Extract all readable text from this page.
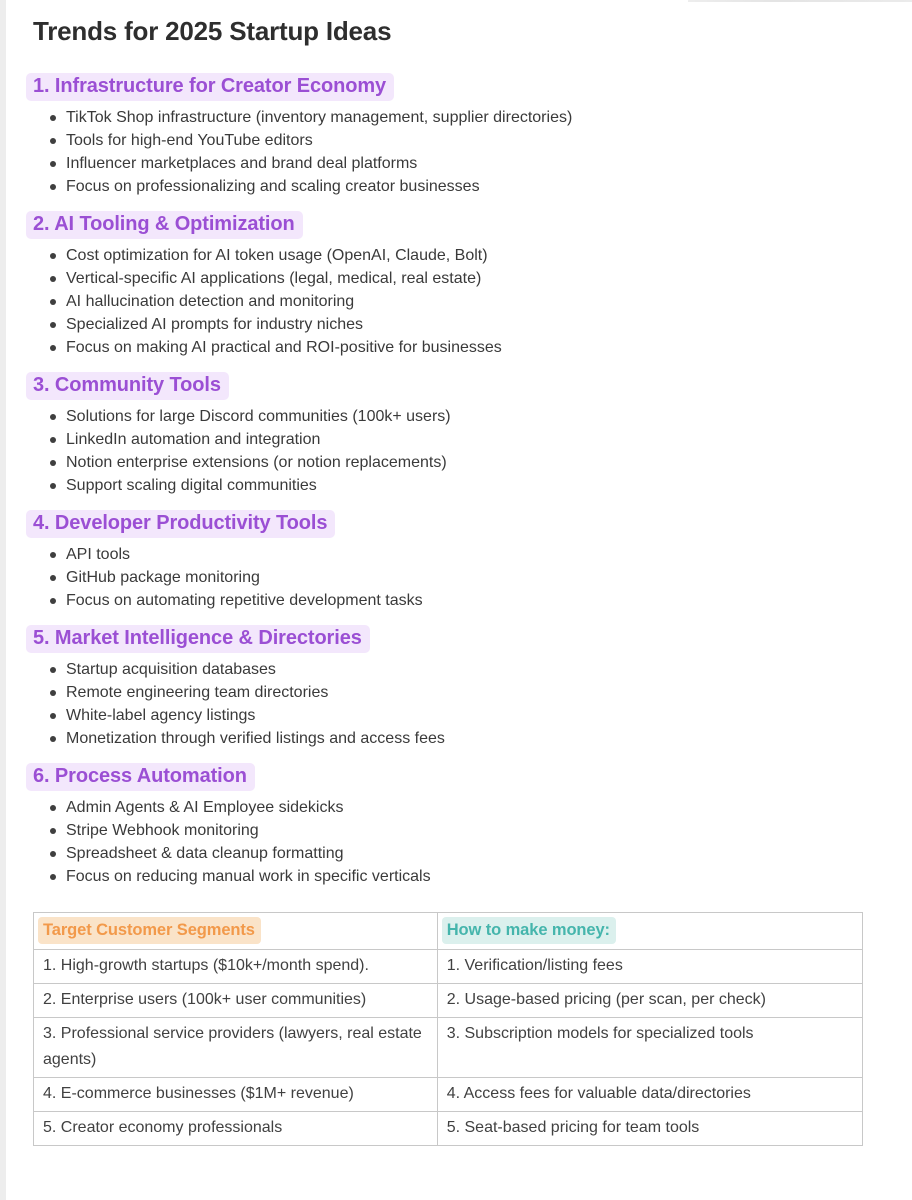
Trends for 2025 Startup Ideas
1. Infrastructure for Creator Economy
TikTok Shop infrastructure (inventory management, supplier directories)
Tools for high-end YouTube editors
Influencer marketplaces and brand deal platforms
Focus on professionalizing and scaling creator businesses
2. AI Tooling & Optimization
Cost optimization for AI token usage (OpenAI, Claude, Bolt)
Vertical-specific AI applications (legal, medical, real estate)
AI hallucination detection and monitoring
Specialized AI prompts for industry niches
Focus on making AI practical and ROI-positive for businesses
3. Community Tools
Solutions for large Discord communities (100k+ users)
LinkedIn automation and integration
Notion enterprise extensions (or notion replacements)
Support scaling digital communities
4. Developer Productivity Tools
API tools
GitHub package monitoring
Focus on automating repetitive development tasks
5. Market Intelligence & Directories
Startup acquisition databases
Remote engineering team directories
White-label agency listings
Monetization through verified listings and access fees
6. Process Automation
Admin Agents & AI Employee sidekicks
Stripe Webhook monitoring
Spreadsheet & data cleanup formatting
Focus on reducing manual work in specific verticals
Target Customer Segments	How to make money:
1. High-growth startups ($10k+/month spend).	1. Verification/listing fees
2. Enterprise users (100k+ user communities)	2. Usage-based pricing (per scan, per check)
3. Professional service providers (lawyers, real estate agents)	3. Subscription models for specialized tools
4. E-commerce businesses ($1M+ revenue)	4. Access fees for valuable data/directories
5. Creator economy professionals	5. Seat-based pricing for team tools
